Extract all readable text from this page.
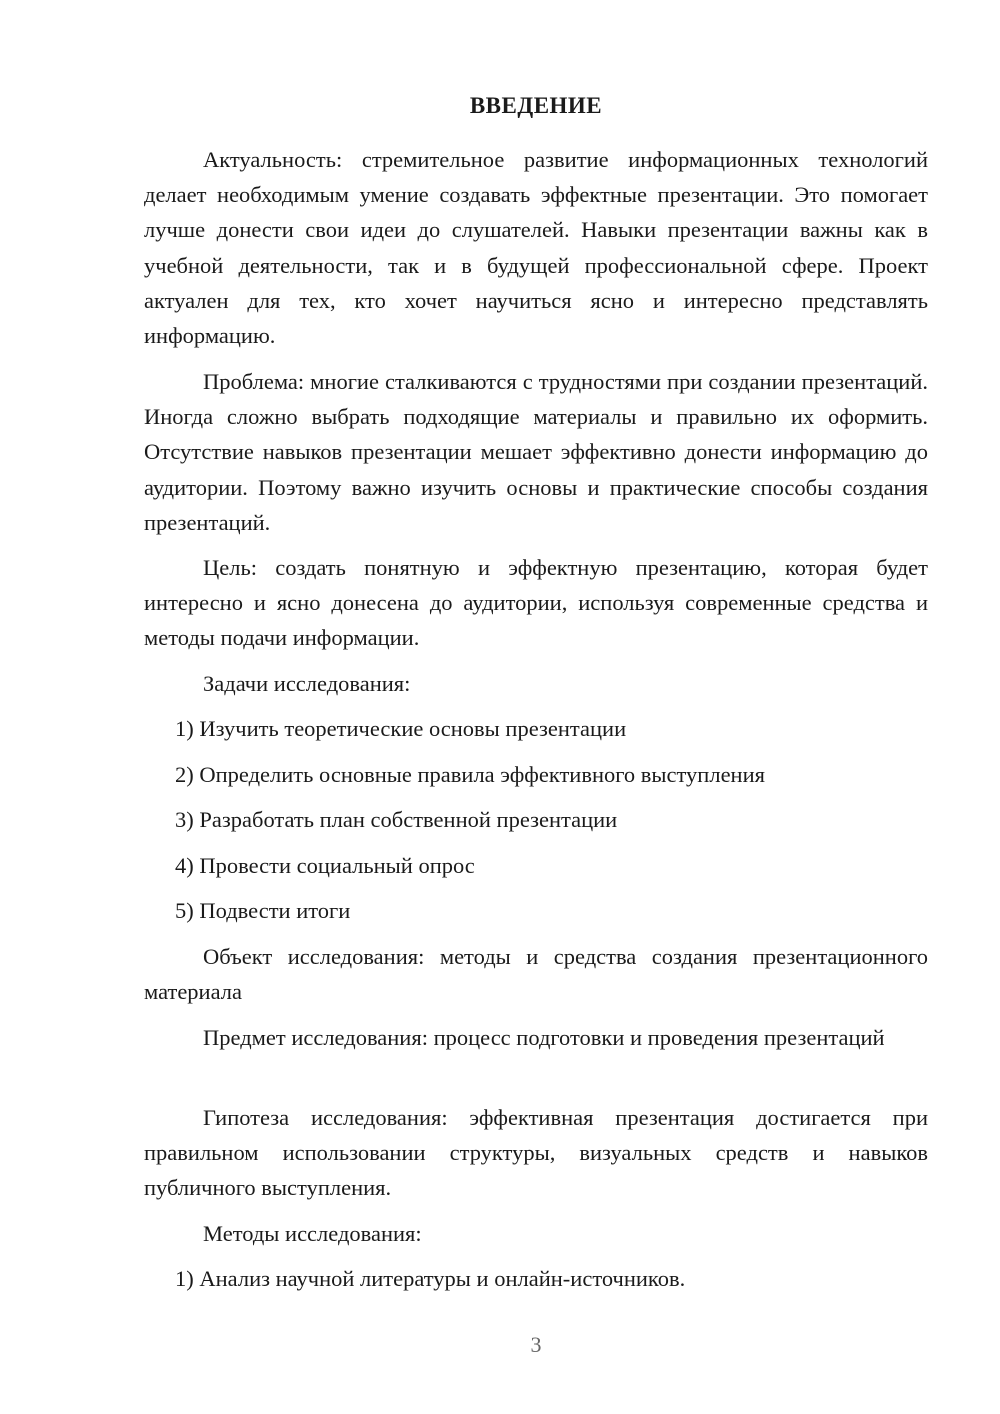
ВВЕДЕНИЕ

Актуальность: стремительное развитие информационных технологий делает необходимым умение создавать эффектные презентации. Это помогает лучше донести свои идеи до слушателей. Навыки презентации важны как в учебной деятельности, так и в будущей профессиональной сфере. Проект актуален для тех, кто хочет научиться ясно и интересно представлять информацию.

Проблема: многие сталкиваются с трудностями при создании презентаций. Иногда сложно выбрать подходящие материалы и правильно их оформить. Отсутствие навыков презентации мешает эффективно донести информацию до аудитории. Поэтому важно изучить основы и практические способы создания презентаций.

Цель: создать понятную и эффектную презентацию, которая будет интересно и ясно донесена до аудитории, используя современные средства и методы подачи информации.

Задачи исследования:

1) Изучить теоретические основы презентации

2) Определить основные правила эффективного выступления

3) Разработать план собственной презентации

4) Провести социальный опрос

5) Подвести итоги

Объект исследования: методы и средства создания презентационного материала

Предмет исследования: процесс подготовки и проведения презентаций

Гипотеза исследования: эффективная презентация достигается при правильном использовании структуры, визуальных средств и навыков публичного выступления.

Методы исследования:

1) Анализ научной литературы и онлайн-источников.

3
